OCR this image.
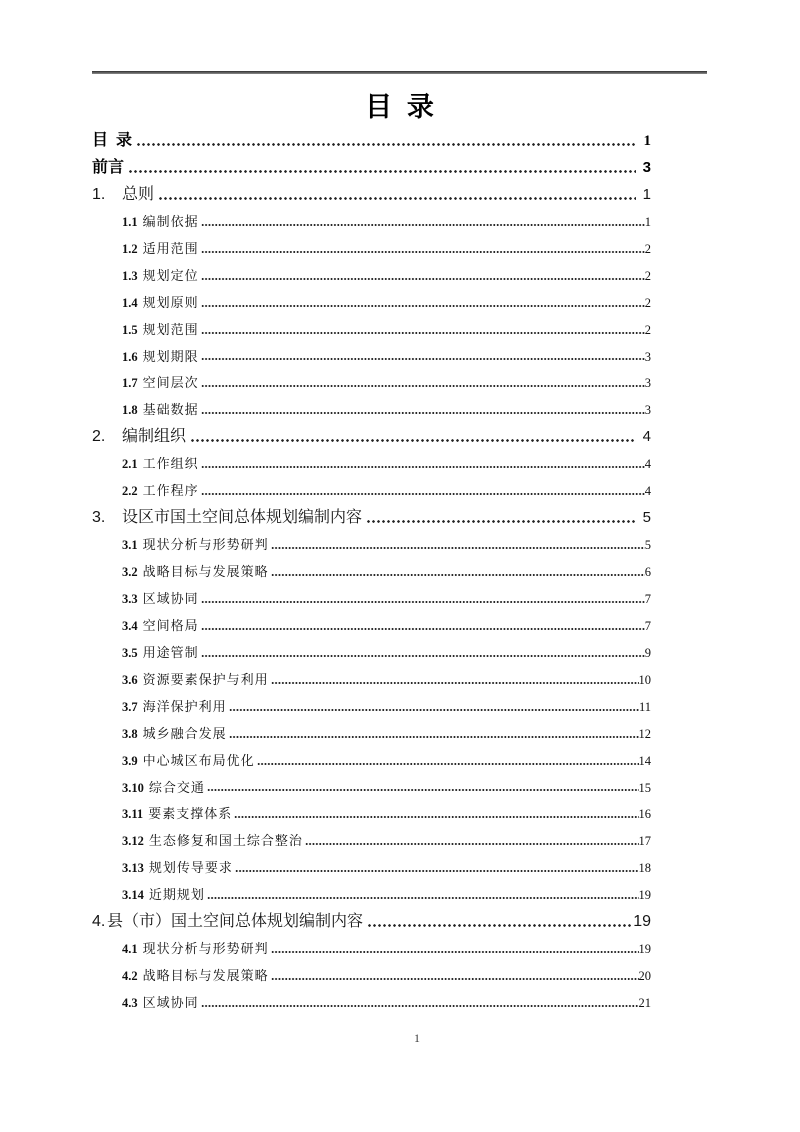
目 录
目 录	1
前言	3
1.	总则	1
1.1 编制依据	1
1.2 适用范围	2
1.3 规划定位	2
1.4 规划原则	2
1.5 规划范围	2
1.6 规划期限	3
1.7 空间层次	3
1.8 基础数据	3
2.	编制组织	4
2.1 工作组织	4
2.2 工作程序	4
3.	设区市国土空间总体规划编制内容	5
3.1 现状分析与形势研判	5
3.2 战略目标与发展策略	6
3.3 区域协同	7
3.4 空间格局	7
3.5 用途管制	9
3.6 资源要素保护与利用	10
3.7 海洋保护利用	11
3.8 城乡融合发展	12
3.9 中心城区布局优化	14
3.10 综合交通	15
3.11 要素支撑体系	16
3.12 生态修复和国土综合整治	17
3.13 规划传导要求	18
3.14 近期规划	19
4. 县（市）国土空间总体规划编制内容	19
4.1 现状分析与形势研判	19
4.2 战略目标与发展策略	20
4.3 区域协同	21
1
